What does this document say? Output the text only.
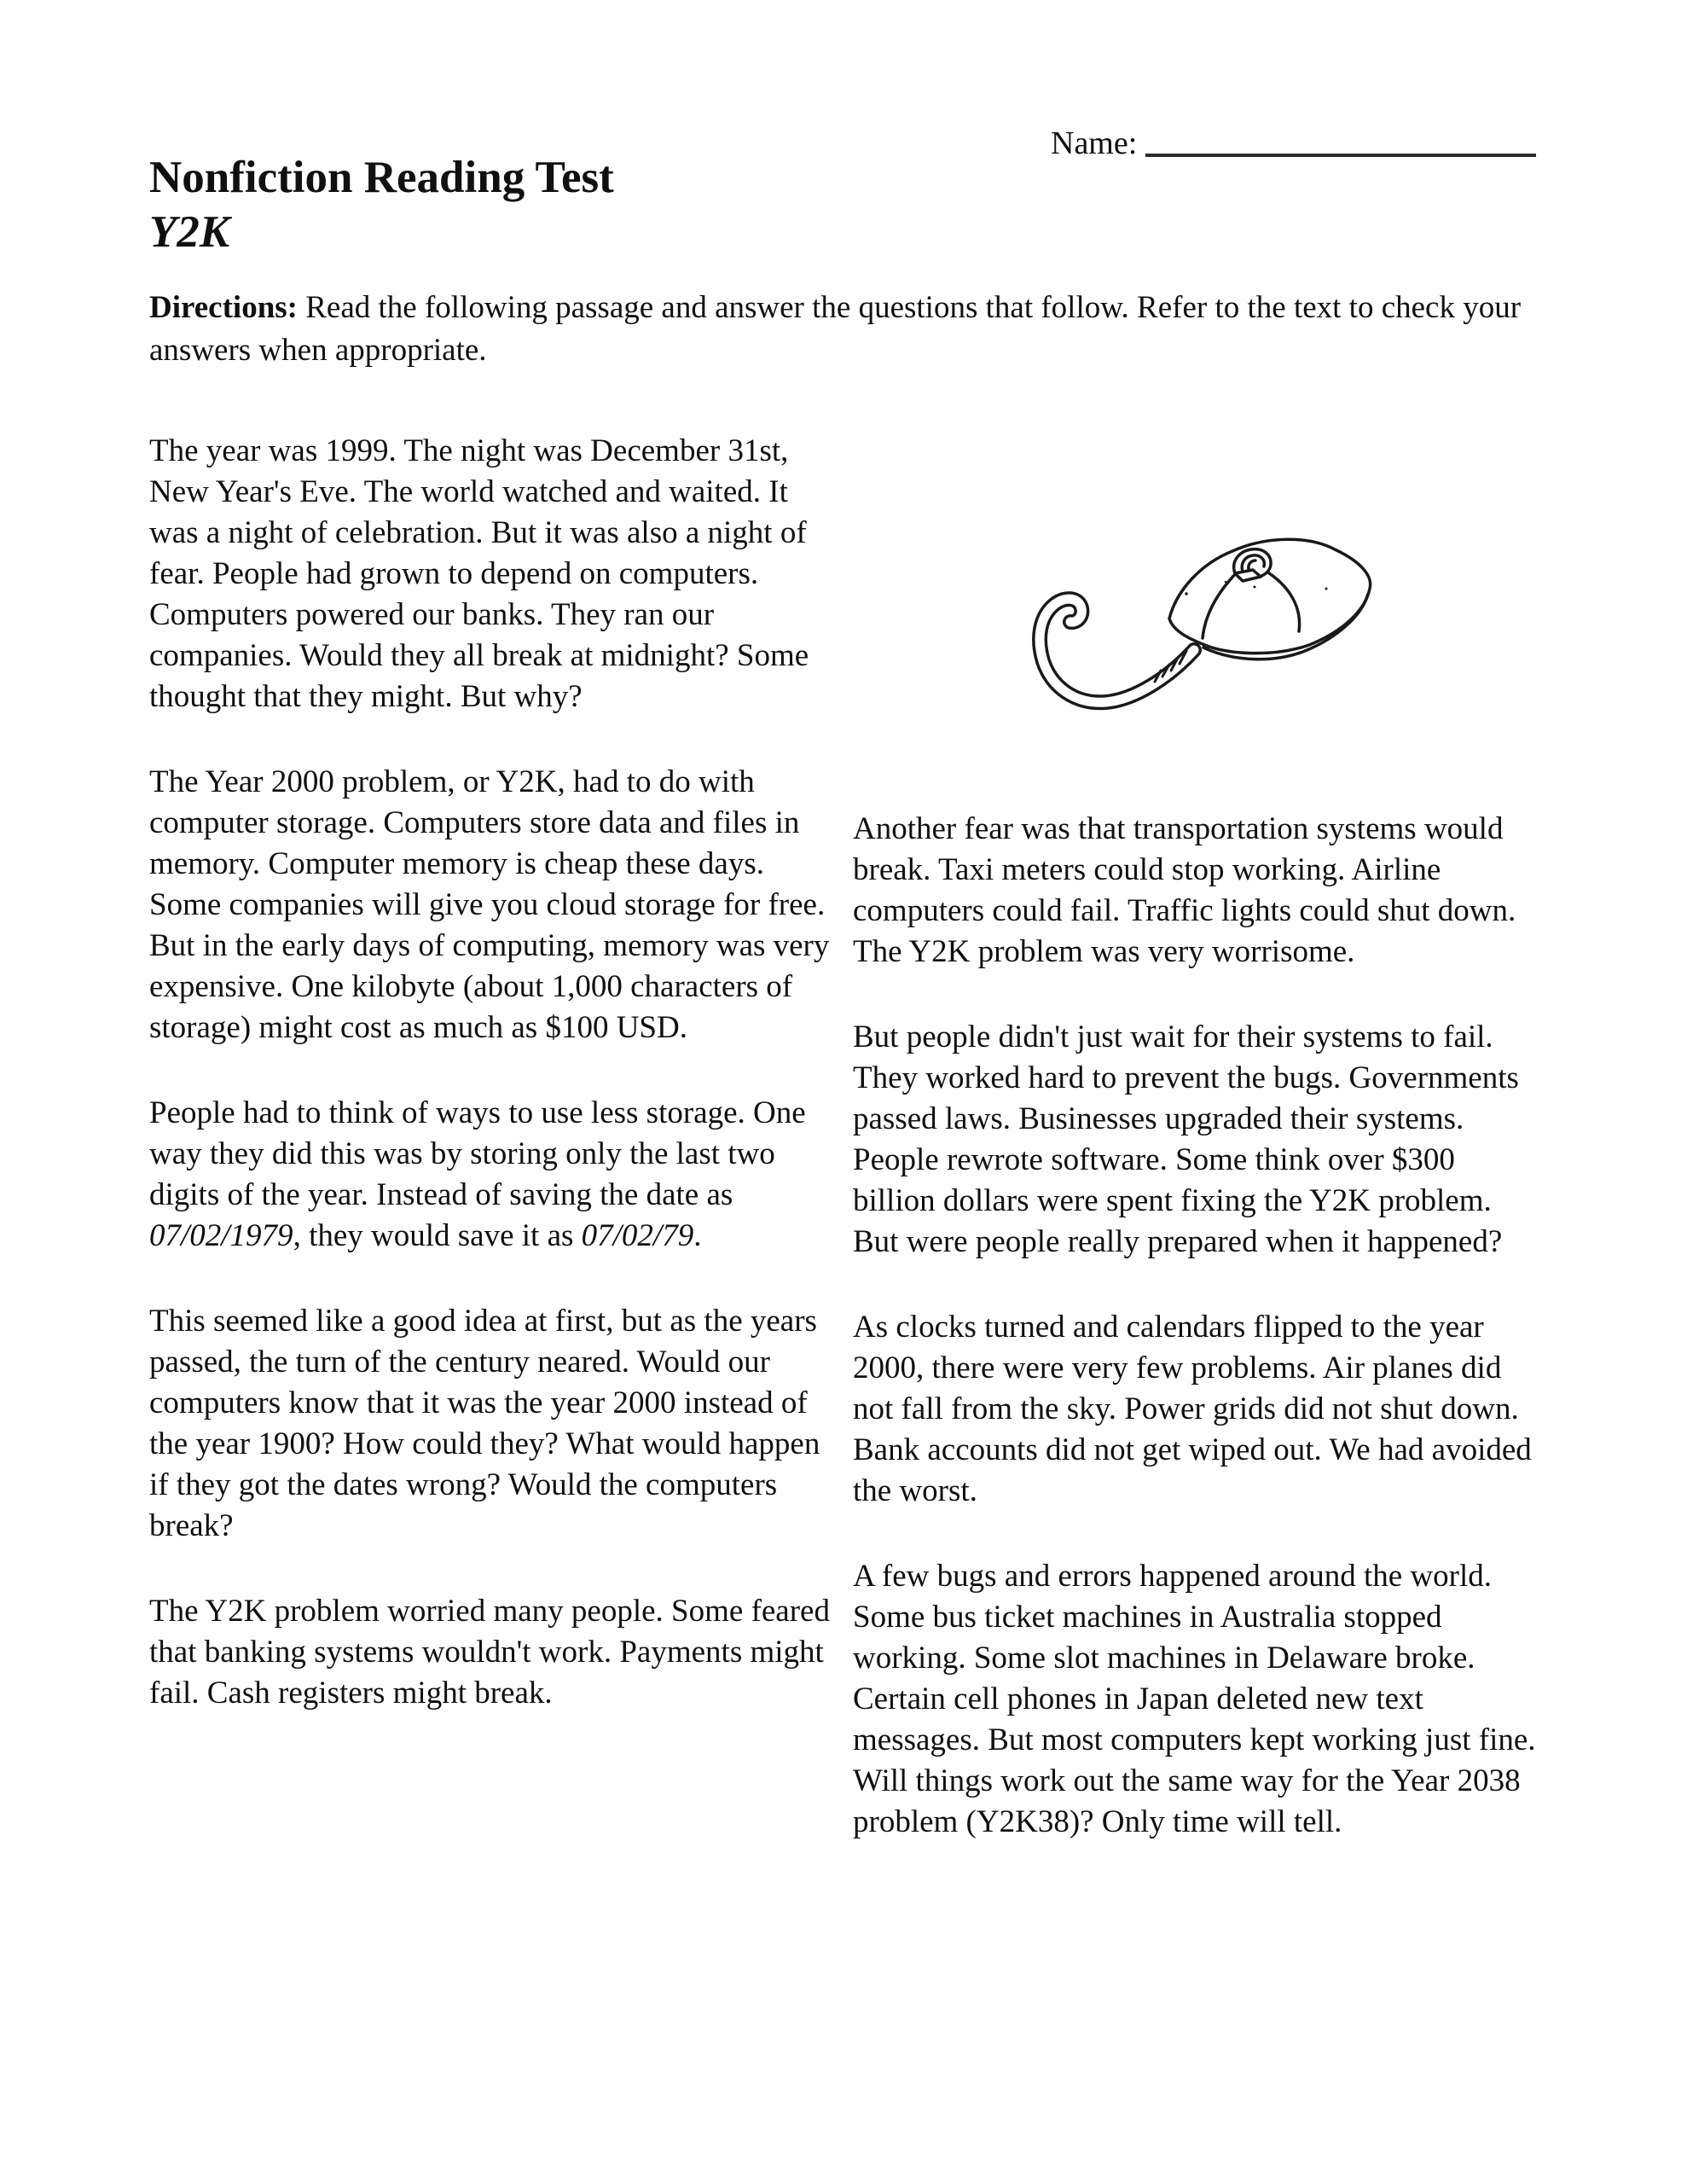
Name:
Nonfiction Reading Test
Y2K
Directions: Read the following passage and answer the questions that follow. Refer to the text to check your answers when appropriate.

The year was 1999. The night was December 31st, New Year's Eve. The world watched and waited. It was a night of celebration. But it was also a night of fear. People had grown to depend on computers. Computers powered our banks. They ran our companies. Would they all break at midnight? Some thought that they might. But why?

The Year 2000 problem, or Y2K, had to do with computer storage. Computers store data and files in memory. Computer memory is cheap these days. Some companies will give you cloud storage for free. But in the early days of computing, memory was very expensive. One kilobyte (about 1,000 characters of storage) might cost as much as $100 USD.

People had to think of ways to use less storage. One way they did this was by storing only the last two digits of the year. Instead of saving the date as 07/02/1979, they would save it as 07/02/79.

This seemed like a good idea at first, but as the years passed, the turn of the century neared. Would our computers know that it was the year 2000 instead of the year 1900? How could they? What would happen if they got the dates wrong? Would the computers break?

The Y2K problem worried many people. Some feared that banking systems wouldn't work. Payments might fail. Cash registers might break.

Another fear was that transportation systems would break. Taxi meters could stop working. Airline computers could fail. Traffic lights could shut down. The Y2K problem was very worrisome.

But people didn't just wait for their systems to fail. They worked hard to prevent the bugs. Governments passed laws. Businesses upgraded their systems. People rewrote software. Some think over $300 billion dollars were spent fixing the Y2K problem. But were people really prepared when it happened?

As clocks turned and calendars flipped to the year 2000, there were very few problems. Air planes did not fall from the sky. Power grids did not shut down. Bank accounts did not get wiped out. We had avoided the worst.

A few bugs and errors happened around the world. Some bus ticket machines in Australia stopped working. Some slot machines in Delaware broke. Certain cell phones in Japan deleted new text messages. But most computers kept working just fine. Will things work out the same way for the Year 2038 problem (Y2K38)? Only time will tell.
